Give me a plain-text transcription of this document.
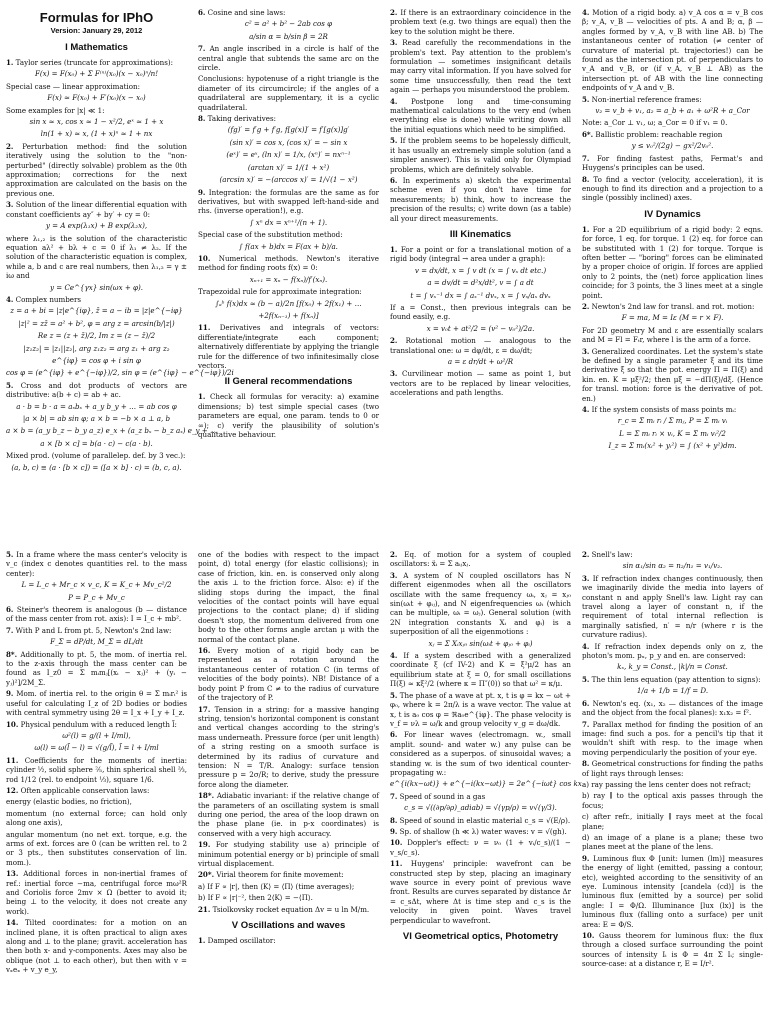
Formulas for IPhO
Version: January 29, 2012
I Mathematics
1. Taylor series (truncate for approximations):
F(x) = F(x₀) + Σ F⁽ⁿ⁾(x₀)(x − x₀)ⁿ/n!
Special case — linear approximation:
F(x) ≈ F(x₀) + F′(x₀)(x − x₀)
Some examples for |x| ≪ 1:
sin x ≈ x, cos x ≈ 1 − x²/2, eˣ ≈ 1 + x
ln(1 + x) ≈ x, (1 + x)ⁿ ≈ 1 + nx
2. Perturbation method: find the solution iteratively using the solution to the "non-perturbed" (directly solvable) problem as the 0th approximation; corrections for the next approximation are calculated on the basis on the previous one.
3. Solution of the linear differential equation with constant coefficients ay″ + by′ + cy = 0:
y = A exp(λ₁x) + B exp(λ₂x),
where λ₁,₂ is the solution of the characteristic equation aλ² + bλ + c = 0 if λ₁ ≠ λ₂. If the solution of the characteristic equation is complex, while a, b and c are real numbers, then λ₁,₂ = γ ± iω and
y = Ce^{γx} sin(ωx + φ).
4. Complex numbers
z = a + bi = |z|e^{iφ}, z̄ = a − ib = |z|e^{−iφ}
|z|² = zz̄ = a² + b², φ = arg z = arcsin(b/|z|)
Re z = (z + z̄)/2, Im z = (z − z̄)/2
|z₁z₂| = |z₁||z₂|, arg z₁z₂ = arg z₁ + arg z₂
e^{iφ} = cos φ + i sin φ
cos φ = (e^{iφ} + e^{−iφ})/2, sin φ = (e^{iφ} − e^{−iφ})/2i
5. Cross and dot products of vectors are distributive: a(b + c) = ab + ac.
a · b = b · a = aₓbₓ + a_y b_y + … = ab cos φ
|a × b| = ab sin φ; a × b = −b × a ⊥ a, b
a × b = (a_y b_z − b_y a_z) e_x + (a_z bₓ − b_z aₓ) e_y + …
a × [b × c] = b(a · c) − c(a · b).
Mixed prod. (volume of parallelep. def. by 3 vec.):
(a, b, c) ≡ (a · [b × c]) = ([a × b] · c) = (b, c, a).
6. Cosine and sine laws:
c² = a² + b² − 2ab cos φ
a/sin α = b/sin β = 2R
7. An angle inscribed in a circle is half of the central angle that subtends the same arc on the circle.
Conclusions: hypotenuse of a right triangle is the diameter of its circumcircle; if the angles of a quadrilateral are supplementary, it is a cyclic quadrilateral.
8. Taking derivatives:
(fg)′ = f′g + f′g, f[g(x)]′ = f′[g(x)]g′
(sin x)′ = cos x, (cos x)′ = − sin x
(eˣ)′ = eˣ, (ln x)′ = 1/x, (xⁿ)′ = nxⁿ⁻¹
(arctan x)′ = 1/(1 + x²)
(arcsin x)′ = −(arccos x)′ = 1/√(1 − x²)
9. Integration: the formulas are the same as for derivatives, but with swapped left-hand-side and rhs. (inverse operation!), e.g.
∫ xⁿ dx = xⁿ⁺¹/(n + 1).
Special case of the substitution method:
∫ f(ax + b)dx = F(ax + b)/a.
10. Numerical methods. Newton's iterative method for finding roots f(x) = 0:
xₙ₊₁ = xₙ − f(xₙ)/f′(xₙ).
Trapezoidal rule for approximate integration:
∫ₐᵇ f(x)dx ≈ (b − a)/2n [f(x₀) + 2f(x₁) + …
+2f(xₙ₋₁) + f(xₙ)]
11. Derivatives and integrals of vectors: differentiate/integrate each component; alternatively differentiate by applying the triangle rule for the difference of two infinitesimally close vectors.
II General recommendations
1. Check all formulas for veracity: a) examine dimensions; b) test simple special cases (two parameters are equal, one param. tends to 0 or ∞); c) verify the plausibility of solution's qualitative behaviour.
2. If there is an extraordinary coincidence in the problem text (e.g. two things are equal) then the key to the solution might be there.
3. Read carefully the recommendations in the problem's text. Pay attention to the problem's formulation — sometimes insignificant details may carry vital information. If you have solved for some time unsuccessfully, then read the text again — perhaps you misunderstood the problem.
4. Postpone long and time-consuming mathematical calculations to the very end (when everything else is done) while writing down all the initial equations which need to be simplified.
5. If the problem seems to be hopelessly difficult, it has usually an extremely simple solution (and a simpler answer). This is valid only for Olympiad problems, which are definitely solvable.
6. In experiments a) sketch the experimental scheme even if you don't have time for measurements; b) think, how to increase the precision of the results; c) write down (as a table) all your direct measurements.
III Kinematics
1. For a point or for a translational motion of a rigid body (integral → area under a graph):
v = dx/dt, x = ∫ v dt (x = ∫ vₓ dt etc.)
a = dv/dt = d²x/dt², v = ∫ a dt
t = ∫ vₓ⁻¹ dx = ∫ aₓ⁻¹ dvₓ, x = ∫ vₓ/aₓ dvₓ
If a = Const., then previous integrals can be found easily, e.g.
x = v₀t + at²/2 = (v² − v₀²)/2a.
2. Rotational motion — analogous to the translational one: ω = dφ/dt, ε = dω/dt;
a = ε dr/dt + ω²/R
3. Curvilinear motion — same as point 1, but vectors are to be replaced by linear velocities, accelerations and path lengths.
4. Motion of a rigid body. a) v_A cos α = v_B cos β; v_A, v_B — velocities of pts. A and B; α, β — angles formed by v_A, v_B with line AB. b) The instantaneous center of rotation (≠ center of curvature of material pt. trajectories!) can be found as the intersection pt. of perpendiculars to v_A and v_B, or (if v_A, v_B ⊥ AB) as the intersection pt. of AB with the line connecting endpoints of v_A and v_B.
5. Non-inertial reference frames:
v₂ = v_b + v₁, a₂ = a_b + a₁ + ω²R + a_Cor
Note: a_Cor ⊥ v₁, ω; a_Cor = 0 if v₁ = 0.
6*. Ballistic problem: reachable region
y ≤ v₀²/(2g) − gx²/2v₀².
7. For finding fastest paths, Fermat's and Huygens's principles can be used.
8. To find a vector (velocity, acceleration), it is enough to find its direction and a projection to a single (possibly inclined) axes.
IV Dynamics
1. For a 2D equilibrium of a rigid body: 2 eqns. for force, 1 eq. for torque. 1 (2) eq. for force can be substituted with 1 (2) for torque. Torque is often better — "boring" forces can be eliminated by a proper choice of origin. If forces are applied only to 2 points, the (net) force application lines coincide; for 3 points, the 3 lines meet at a single point.
2. Newton's 2nd law for transl. and rot. motion:
F = ma, M = Iε (M = r × F).
For 2D geometry M and ε are essentially scalars and M = Fl = Fₜr, where l is the arm of a force.
3. Generalized coordinates. Let the system's state be defined by a single parameter ξ and its time derivative ξ̇ so that the pot. energy Π = Π(ξ) and kin. en. K = μξ̇²/2; then μξ̈ = −dΠ(ξ)/dξ. (Hence for transl. motion: force is the derivative of pot. en.)
4. If the system consists of mass points mᵢ:
r_c = Σ mᵢ rᵢ / Σ mⱼ, P = Σ mᵢ vᵢ
L = Σ mᵢ rᵢ × vᵢ, K = Σ mᵢ vᵢ²/2
I_z = Σ mᵢ(xᵢ² + yᵢ²) = ∫ (x² + y²)dm.
5. In a frame where the mass center's velocity is v_c (index c denotes quantities rel. to the mass center):
L = L_c + Mr_c × v_c, K = K_c + Mv_c²/2
P = P_c + Mv_c
6. Steiner's theorem is analogous (b — distance of the mass center from rot. axis): I = I_c + mb².
7. With P and L from pt. 5, Newton's 2nd law:
F_Σ = dP/dt, M_Σ = dL/dt
8*. Additionally to pt. 5, the mom. of inertia rel. to the z-axis through the mass center can be found as I_z0 = Σ mᵢmⱼ[(xᵢ − xⱼ)² + (yᵢ − yⱼ)²]/2M_Σ.
9. Mom. of inertia rel. to the origin θ = Σ mᵢrᵢ² is useful for calculating I_z of 2D bodies or bodies with central symmetry using 2θ = I_x + I_y + I_z.
10. Physical pendulum with a reduced length l̃:
ω²(l) = g/(l + I/ml),
ω(l) = ω(l̃ − l) = √(g/l̃), l̃ = l + I/ml
11. Coefficients for the moments of inertia: cylinder ½, solid sphere ⅖, thin spherical shell ⅔, rod 1/12 (rel. to endpoint ⅓), square 1/6.
12. Often applicable conservation laws:
energy (elastic bodies, no friction),
momentum (no external force; can hold only along one axis),
angular momentum (no net ext. torque, e.g. the arms of ext. forces are 0 (can be written rel. to 2 or 3 pts., then substitutes conservation of lin. mom.).
13. Additional forces in non-inertial frames of ref.: inertial force −ma, centrifugal force mω²R and Coriolis force 2mv × Ω (better to avoid it; being ⊥ to the velocity, it does not create any work).
14. Tilted coordinates: for a motion on an inclined plane, it is often practical to align axes along and ⊥ to the plane; gravit. acceleration has then both x- and y-components. Axes may also be oblique (not ⊥ to each other), but then with v = vₓeₓ + v_y e_y,
one of the bodies with respect to the impact point, d) total energy (for elastic collisions); in case of friction, kin. en. is conserved only along the axis ⊥ to the friction force. Also: e) if the sliding stops during the impact, the final velocities of the contact points will have equal projections to the contact plane; d) if sliding doesn't stop, the momentum delivered from one body to the other forms angle arctan μ with the normal of the contact plane.
16. Every motion of a rigid body can be represented as a rotation around the instantaneous center of rotation C (in terms of velocities of the body points). NB! Distance of a body point P from C ≠ to the radius of curvature of the trajectory of P.
17. Tension in a string: for a massive hanging string, tension's horizontal component is constant and vertical changes according to the string's mass underneath. Pressure force (per unit length) of a string resting on a smooth surface is determined by its radius of curvature and tension: N = T/R. Analogy: surface tension pressure p = 2σ/R; to derive, study the pressure force along the diameter.
18*. Adiabatic invariant: if the relative change of the parameters of an oscillating system is small during one period, the area of the loop drawn on the phase plane (ie. in p-x coordinates) is conserved with a very high accuracy.
19. For studying stability use a) principle of minimum potential energy or b) principle of small virtual displacement.
20*. Virial theorem for finite movement:
a) If F ∝ |r|, then ⟨K⟩ = ⟨Π⟩ (time averages);
b) If F ∝ |r|⁻², then 2⟨K⟩ = −⟨Π⟩.
21. Tsiolkovsky rocket equation Δv = u ln M/m.
V Oscillations and waves
1. Damped oscillator:
2. Eq. of motion for a system of coupled oscillators: ẍᵢ = Σ aᵢⱼxⱼ.
3. A system of N coupled oscillators has N different eigenmodes when all the oscillators oscillate with the same frequency ωᵢ, xⱼ = xⱼ₀ sin(ωᵢt + φᵢⱼ), and N eigenfrequencies ωᵢ (which can be multiple, ωᵢ = ωⱼ). General solution (with 2N integration constants Xᵢ and φᵢ) is a superposition of all the eigenmotions :
xⱼ = Σ Xᵢxⱼ₀ sin(ωᵢt + φⱼ₀ + φᵢ)
4. If a system described with a generalized coordinate ξ (cf IV-2) and K = ξ̇²μ/2 has an equilibrium state at ξ = 0, for small oscillations Π(ξ) ≈ κξ²/2 (where κ = Π″(0)) so that ω² = κ/μ.
5. The phase of a wave at pt. x, t is φ = kx − ωt + φ₀, where k = 2π/λ is a wave vector. The value at x, t is a₀ cos φ = ℜa₀e^{iφ}. The phase velocity is v_f = νλ = ω/k and group velocity v_g = dω/dk.
6. For linear waves (electromagn. w., small amplit. sound- and water w.) any pulse can be considered as a superpos. of sinusoidal waves; a standing w. is the sum of two identical counter-propagating w.:
e^{i(kx−ωt)} + e^{−i(kx−ωt)} = 2e^{−iωt} cos kx.
7. Speed of sound in a gas
c_s = √((∂p/∂ρ)_adiab) = √(γp/ρ) = v√(γ/3).
8. Speed of sound in elastic material c_s = √(E/ρ).
9. Sp. of shallow (h ≪ λ) water waves: v = √(gh).
10. Doppler's effect: ν = ν₀ (1 + vᵢ/c_s)/(1 − v_s/c_s).
11. Huygens' principle: wavefront can be constructed step by step, placing an imaginary wave source in every point of previous wave front. Results are curves separated by distance Δr = c_sΔt, where Δt is time step and c_s is the velocity in given point. Waves travel perpendicular to wavefront.
VI Geometrical optics, Photometry
2. Snell's law:
sin α₁/sin α₂ = n₂/n₁ = v₁/v₂.
3. If refraction index changes continuously, then we imaginarily divide the media into layers of constant n and apply Snell's law. Light ray can travel along a layer of constant n, if the requirement of total internal reflection is marginally satisfied, n′ = n/r (where r is the curvature radius).
4. If refraction index depends only on z, the photon's mom. pₓ, p_y and en. are conserved:
kₓ, k_y = Const., |k|/n = Const.
5. The thin lens equation (pay attention to signs):
1/a + 1/b = 1/f = D.
6. Newton's eq. (x₁, x₂ — distances of the image and the object from the focal planes): x₁x₂ = f².
7. Parallax method for finding the position of an image: find such a pos. for a pencil's tip that it wouldn't shift with resp. to the image when moving perpendicularly the position of your eye.
8. Geometrical constructions for finding the paths of light rays through lenses:
a) ray passing the lens center does not refract;
b) ray ∥ to the optical axis passes through the focus;
c) after refr., initially ∥ rays meet at the focal plane;
d) an image of a plane is a plane; these two planes meet at the plane of the lens.
9. Luminous flux Φ [unit: lumen (lm)] measures the energy of light (emitted, passing a contour, etc), weighted according to the sensitivity of an eye. Luminous intensity [candela (cd)] is the luminous flux (emitted by a source) per solid angle: I = Φ/Ω. Illuminance [lux (lx)] is the luminous flux (falling onto a surface) per unit area: E = Φ/S.
10. Gauss theorem for luminous flux: the flux through a closed surface surrounding the point sources of intensity Iᵢ is Φ = 4π Σ Iᵢ; single-source-case: at a distance r, E = I/r².
